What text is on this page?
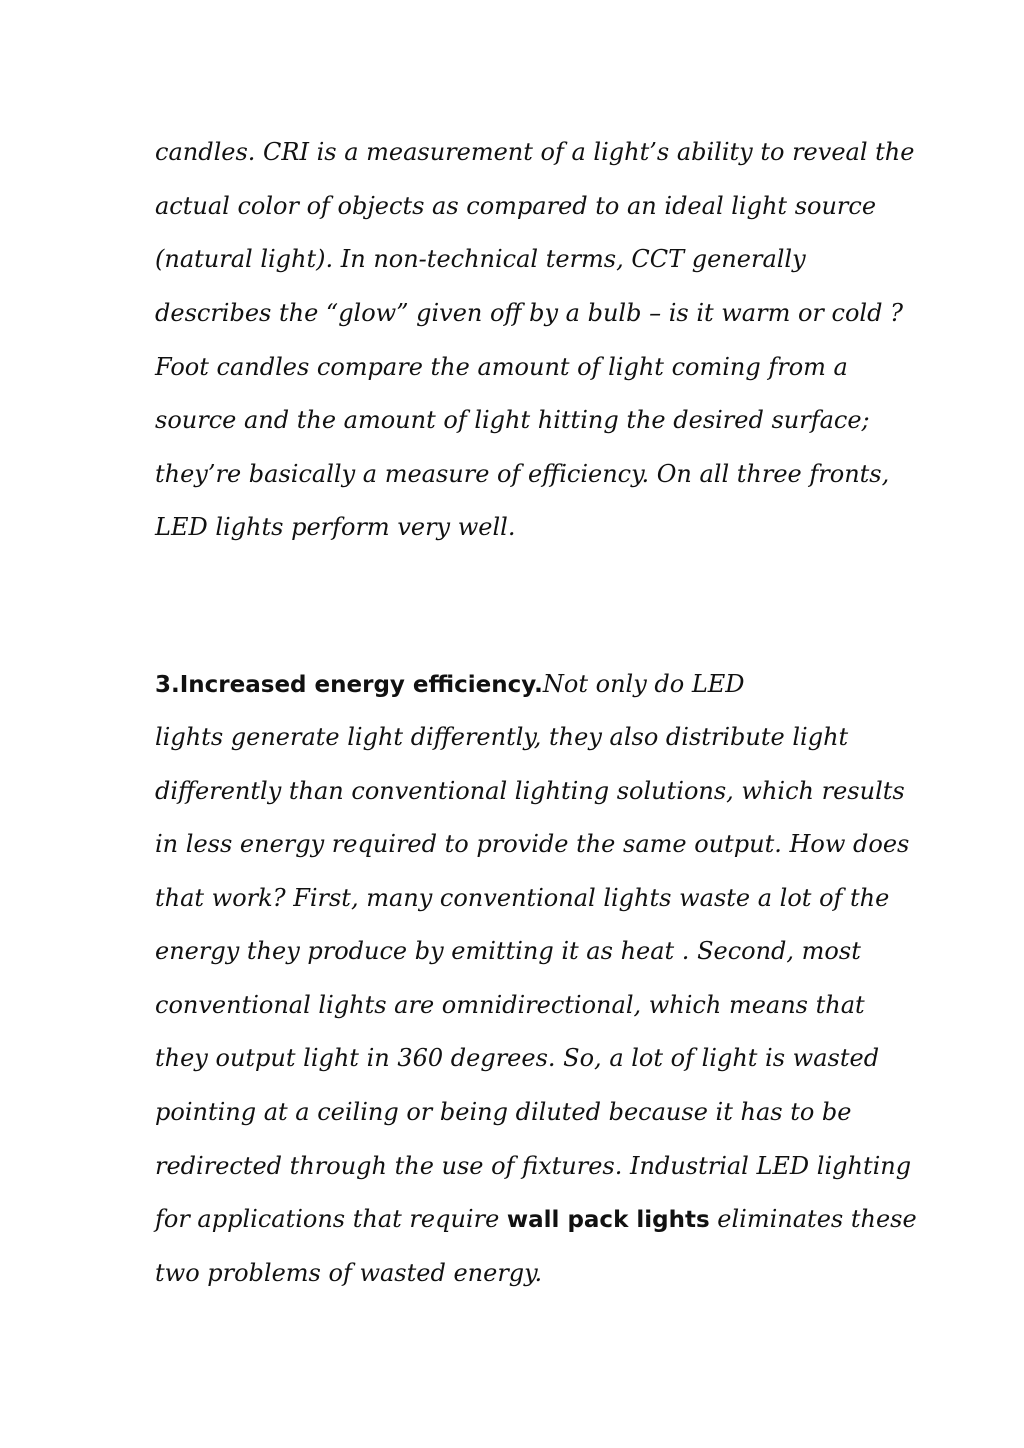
candles. CRI is a measurement of a light’s ability to reveal the

actual color of objects as compared to an ideal light source

(natural light). In non-technical terms, CCT generally

describes the “glow” given off by a bulb – is it warm or cold ?

Foot candles compare the amount of light coming from a

source and the amount of light hitting the desired surface;

they’re basically a measure of efficiency. On all three fronts,

LED lights perform very well.

3.Increased energy efficiency.Not only do LED

lights generate light differently, they also distribute light

differently than conventional lighting solutions, which results

in less energy required to provide the same output. How does

that work? First, many conventional lights waste a lot of the

energy they produce by emitting it as heat . Second, most

conventional lights are omnidirectional, which means that

they output light in 360 degrees. So, a lot of light is wasted

pointing at a ceiling or being diluted because it has to be

redirected through the use of fixtures. Industrial LED lighting

for applications that require wall pack lights eliminates these

two problems of wasted energy.
